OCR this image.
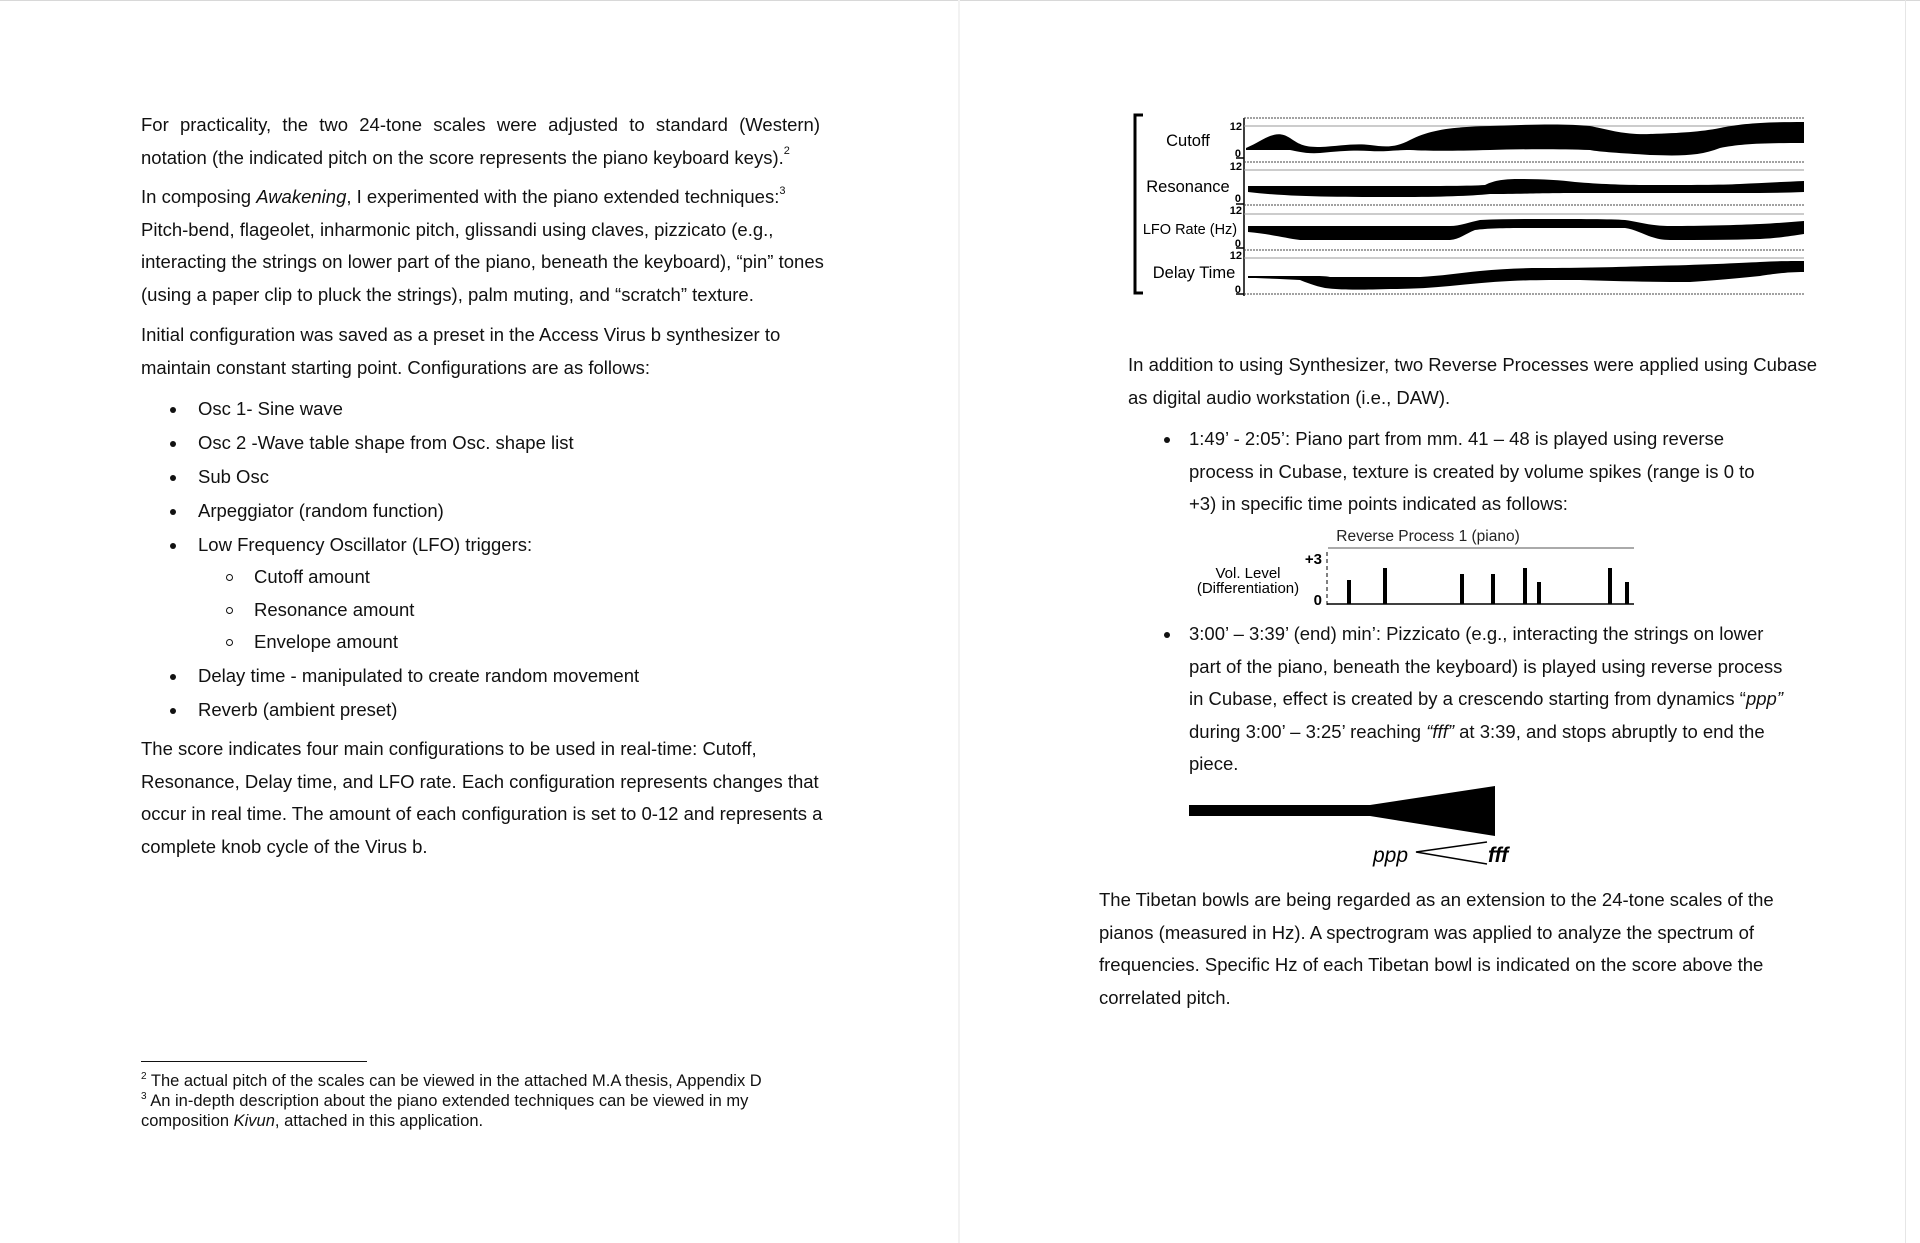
For practicality, the two 24-tone scales were adjusted to standard (Western) notation (the indicated pitch on the score represents the piano keyboard keys).$^2$

In composing Awakening, I experimented with the piano extended techniques:$^3$
Pitch-bend, flageolet, inharmonic pitch, glissandi using claves, pizzicato (e.g., interacting the strings on lower part of the piano, beneath the keyboard), “pin” tones (using a paper clip to pluck the strings), palm muting, and “scratch” texture.

Initial configuration was saved as a preset in the Access Virus b synthesizer to maintain constant starting point. Configurations are as follows:

Osc 1- Sine wave
Osc 2 -Wave table shape from Osc. shape list
Sub Osc
Arpeggiator (random function)
Low Frequency Oscillator (LFO) triggers:
Cutoff amount
Resonance amount
Envelope amount
Delay time - manipulated to create random movement
Reverb (ambient preset)

The score indicates four main configurations to be used in real-time: Cutoff, Resonance, Delay time, and LFO rate. Each configuration represents changes that occur in real time. The amount of each configuration is set to 0-12 and represents a complete knob cycle of the Virus b.

$^2$ The actual pitch of the scales can be viewed in the attached M.A thesis, Appendix D
$^3$ An in-depth description about the piano extended techniques can be viewed in my
composition Kivun, attached in this application.
Cutoff
Resonance
LFO Rate (Hz)
Delay Time
12
0
12
0
12
0
12
0

In addition to using Synthesizer, two Reverse Processes were applied using Cubase as digital audio workstation (i.e., DAW).

1:49’ - 2:05’: Piano part from mm. 41 – 48 is played using reverse process in Cubase, texture is created by volume spikes (range is 0 to +3) in specific time points indicated as follows:

Reverse Process 1 (piano)
Vol. Level
(Differentiation)
+3
0

3:00’ – 3:39’ (end) min’: Pizzicato (e.g., interacting the strings on lower
part of the piano, beneath the keyboard) is played using reverse process
in Cubase, effect is created by a crescendo starting from dynamics “ppp”
during 3:00’ – 3:25’ reaching “fff” at 3:39, and stops abruptly to end the
piece.

ppp	fff

The Tibetan bowls are being regarded as an extension to the 24-tone scales of the pianos (measured in Hz). A spectrogram was applied to analyze the spectrum of frequencies. Specific Hz of each Tibetan bowl is indicated on the score above the correlated pitch.
